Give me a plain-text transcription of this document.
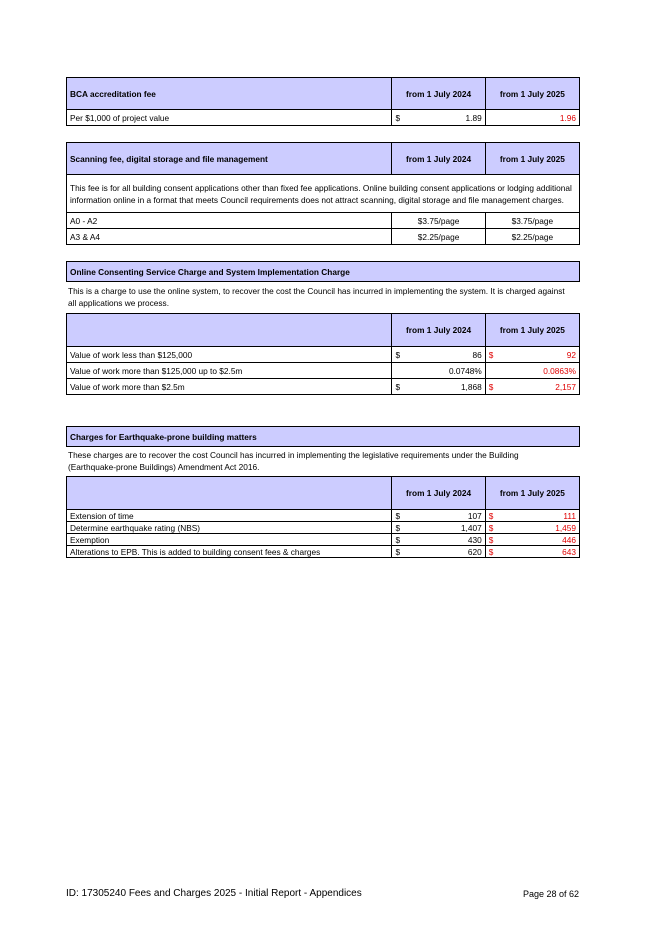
BCA accreditation fee	from 1 July 2024	from 1 July 2025
Per $1,000 of project value	$ 1.89	1.96
Scanning fee, digital storage and file management	from 1 July 2024	from 1 July 2025
This fee is for all building consent applications other than fixed fee applications. Online building consent applications or lodging additional information online in a format that meets Council requirements does not attract scanning, digital storage and file management charges.		
A0 - A2	$3.75/page	$3.75/page
A3 & A4	$2.25/page	$2.25/page
Online Consenting Service Charge and System Implementation Charge
This is a charge to use the online system, to recover the cost the Council has incurred in implementing the system. It is charged against all applications we process.
	from 1 July 2024	from 1 July 2025
Value of work less than $125,000	$ 86	$ 92

Value of work more than $125,000 up to $2.5m	0.0748%	0.0863%
Value of work more than $2.5m	$ 1,868	$ 2,157
Charges for Earthquake-prone building matters
These charges are to recover the cost Council has incurred in implementing the legislative requirements under the Building (Earthquake-prone Buildings) Amendment Act 2016.
	from 1 July 2024	from 1 July 2025
Extension of time	$ 107	$ 111

Determine earthquake rating (NBS)	$ 1,407	$ 1,459

Exemption	$ 430	$ 446

Alterations to EPB. This is added to building consent fees & charges	$ 620	$ 643
ID: 17305240 Fees and Charges 2025 - Initial Report - Appendices	Page 28 of 62
